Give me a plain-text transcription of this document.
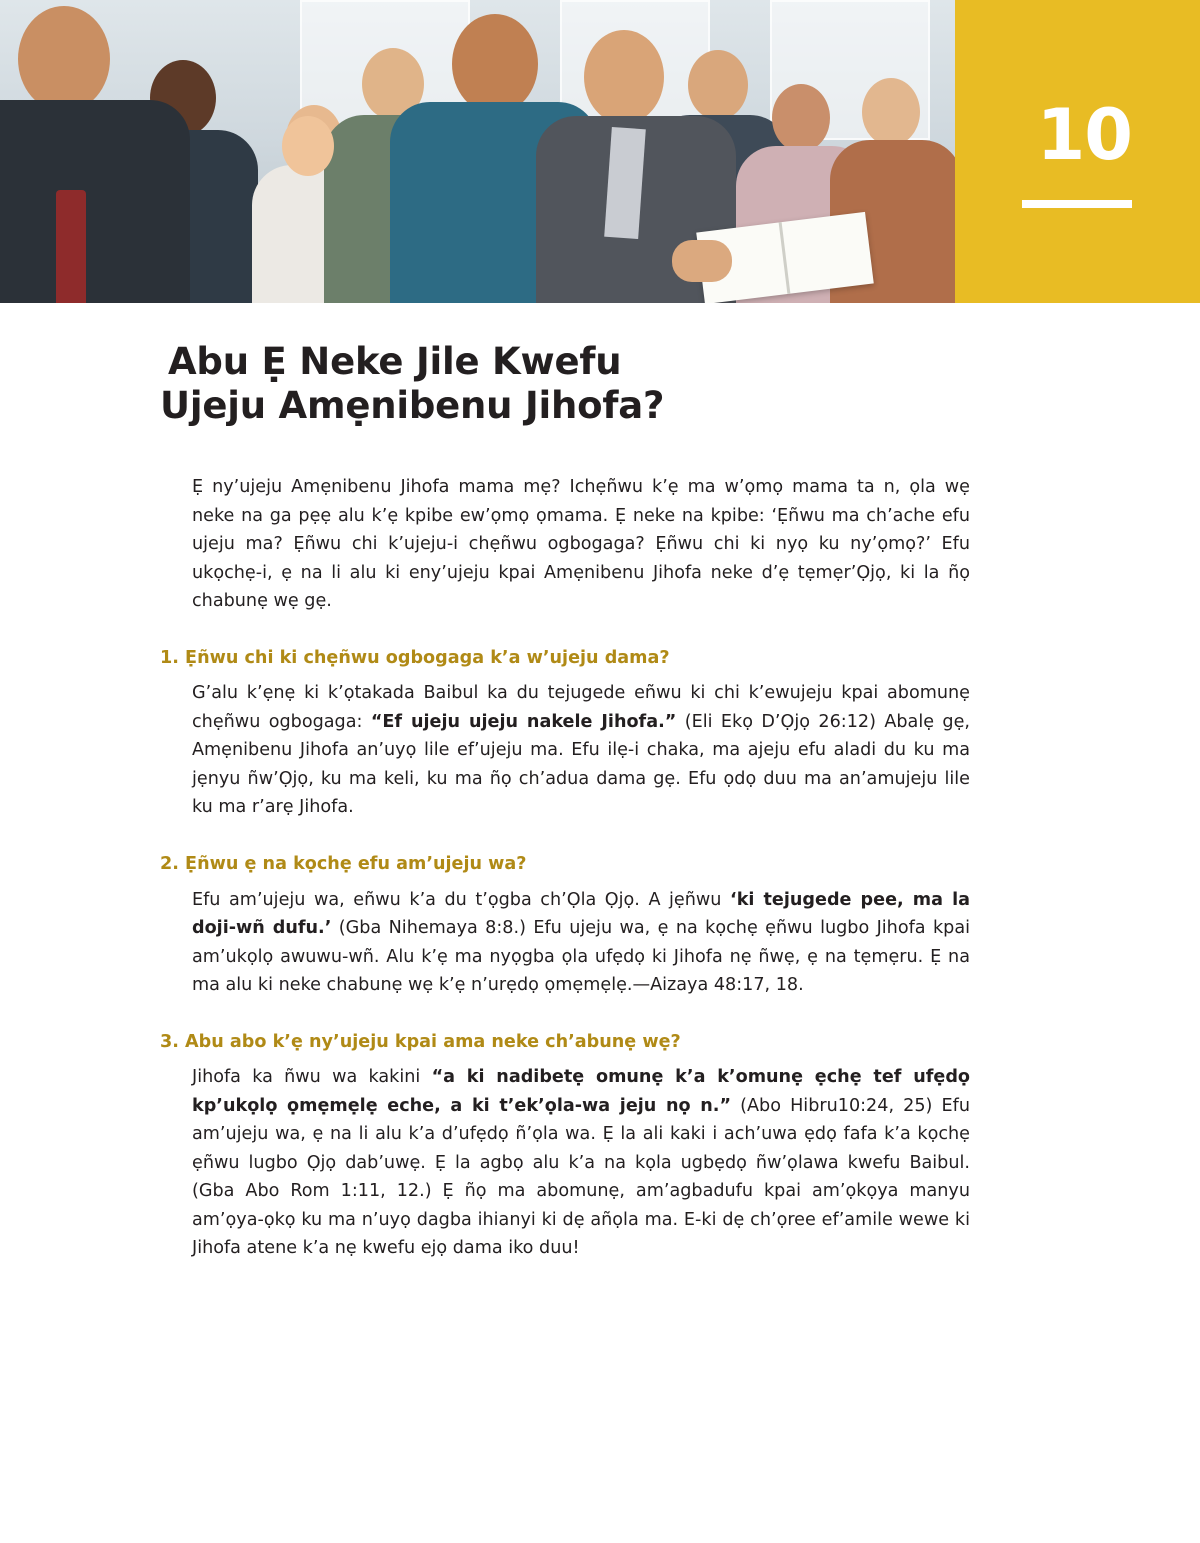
10
Abu Ẹ Neke Jile Kwefu
Ujeju Amẹnibenu Jihofa?

Ẹ ny’ujeju Amẹnibenu Jihofa mama mẹ? Ichẹñwu k’ẹ ma w’ọmọ mama ta n, ọla wẹ neke na ga pẹẹ alu k’ẹ kpibe ew’ọmọ ọmama. Ẹ neke na kpibe: ‘Ẹñwu ma ch’ache efu ujeju ma? Ẹñwu chi k’ujeju-i chẹñwu ogbogaga? Ẹñwu chi ki nyọ ku ny’ọmọ?’ Efu ukọchẹ-i, ẹ na li alu ki eny’ujeju kpai Amẹnibenu Jihofa neke d’ẹ tẹmẹr’Ọjọ, ki la ñọ chabunẹ wẹ gẹ.

1. Ẹñwu chi ki chẹñwu ogbogaga k’a w’ujeju dama?

G’alu k’ẹnẹ ki k’ọtakada Baibul ka du tejugede eñwu ki chi k’ewujeju kpai abomunẹ chẹñwu ogbogaga: “Ef ujeju ujeju nakele Jihofa.” (Eli Ekọ D’Ọjọ 26:12) Abalẹ gẹ, Amẹnibenu Jihofa an’uyọ lile ef’ujeju ma. Efu ilẹ-i chaka, ma ajeju efu aladi du ku ma jẹnyu ñw’Ọjọ, ku ma keli, ku ma ñọ ch’adua dama gẹ. Efu ọdọ duu ma an’amujeju lile ku ma r’arẹ Jihofa.

2. Ẹñwu ẹ na kọchẹ efu am’ujeju wa?

Efu am’ujeju wa, eñwu k’a du t’ọgba ch’Ọla Ọjọ. A jẹñwu ‘ki tejugede pee, ma la doji-wñ dufu.’ (Gba Nihemaya 8:8.) Efu ujeju wa, ẹ na kọchẹ ẹñwu lugbo Jihofa kpai am’ukọlọ awuwu-wñ. Alu k’ẹ ma nyọgba ọla ufẹdọ ki Jihofa nẹ ñwẹ, ẹ na tẹmẹru. Ẹ na ma alu ki neke chabunẹ wẹ k’ẹ n’urẹdọ ọmẹmẹlẹ.—Aizaya 48:17, 18.

3. Abu abo k’ẹ ny’ujeju kpai ama neke ch’abunẹ wẹ?

Jihofa ka ñwu wa kakini “a ki nadibetẹ omunẹ k’a k’omunẹ ẹchẹ tef ufẹdọ kp’ukọlọ ọmẹmẹlẹ eche, a ki t’ek’ọla-wa jeju nọ n.” (Abo Hibru10:24, 25) Efu am’ujeju wa, ẹ na li alu k’a d’ufẹdọ ñ’ọla wa. Ẹ la ali kaki i ach’uwa ẹdọ fafa k’a kọchẹ ẹñwu lugbo Ọjọ dab’uwẹ. Ẹ la agbọ alu k’a na kọla ugbẹdọ ñw’ọlawa kwefu Baibul. (Gba Abo Rom 1:11, 12.) Ẹ ñọ ma abomunẹ, am’agbadufu kpai am’ọkọya manyu am’ọya-ọkọ ku ma n’uyọ dagba ihianyi ki dẹ añọla ma. E-ki dẹ ch’ọree ef’amile wewe ki Jihofa atene k’a nẹ kwefu ejọ dama iko duu!
